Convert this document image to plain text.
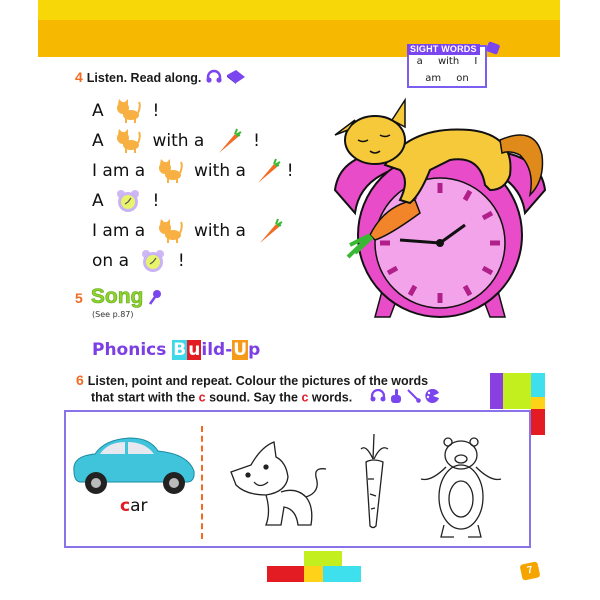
SIGHT WORDS
a with I
am on
4 Listen. Read along.
A	!
A	with a	!
I am a	with a !
A	!
I am a	with a
on a	!
5 Song
(See p.87)
Phonics B uild-Up
6 Listen, point and repeat. Colour the pictures of the words
that start with the c sound. Say the c words.
car
7
